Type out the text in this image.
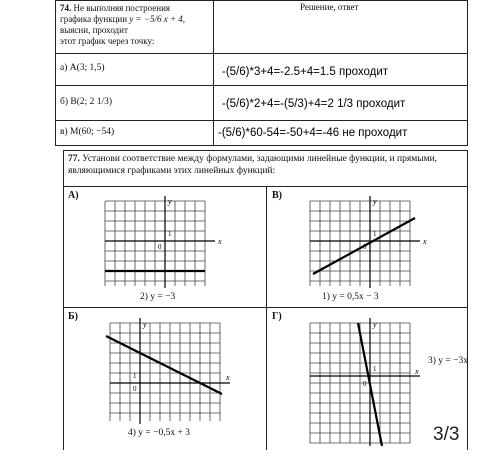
74. Не выполняя построения
графика функции y = −5/6 x + 4,
выясни, проходит
этот график через точку:
Решение, ответ
а) A(3; 1,5)	-(5/6)*3+4=-2.5+4=1.5 проходит
б) B(2; 2 1/3)	-(5/6)*2+4=-(5/3)+4=2 1/3 проходит
в) M(60; −54)	-(5/6)*60-54=-50+4=-46 не проходит
77. Установи соответствие между формулами, задающими линейные функции, и прямыми,
являющимися графиками этих линейных функций:
А)	В)
Б)	Г)
x
y
0
1
2) y = −3
x
y
0
1
1) y = 0,5x − 3
x
y
0
1
4) y = −0,5x + 3
x
y
0
1
3) y = −3x
3/3
